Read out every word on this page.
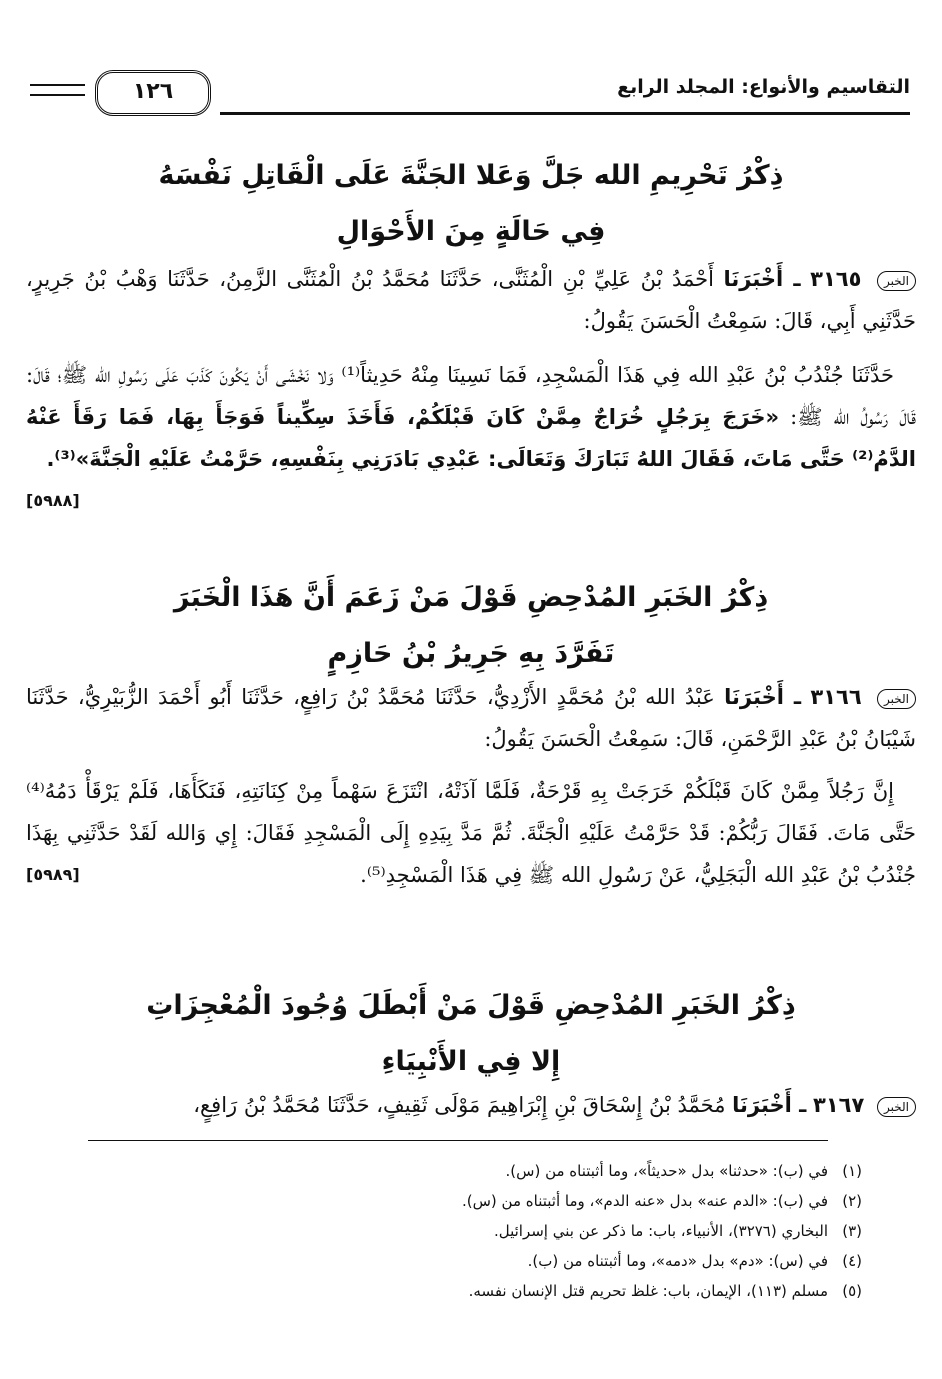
التقاسيم والأنواع: المجلد الرابع
١٢٦
ذِكْرُ تَحْرِيمِ الله جَلَّ وَعَلا الجَنَّةَ عَلَى الْقَاتِلِ نَفْسَهُ
فِي حَالَةٍ مِنَ الأَحْوَالِ
الخبر ٣١٦٥ ـ أَخْبَرَنَا أَحْمَدُ بْنُ عَلِيِّ بْنِ الْمُثَنَّى، حَدَّثَنَا مُحَمَّدُ بْنُ الْمُثَنَّى الزَّمِنُ، حَدَّثَنَا وَهْبُ بْنُ جَرِيرٍ، حَدَّثَنِي أَبِي، قَالَ: سَمِعْتُ الْحَسَنَ يَقُولُ:
حَدَّثَنَا جُنْدُبُ بْنُ عَبْدِ الله فِي هَذَا الْمَسْجِدِ، فَمَا نَسِينَا مِنْهُ حَدِيثاً⁽¹⁾ وَلا نَخْشَى أَنْ يَكُونَ كَذَبَ عَلَى رَسُولِ الله ﷺ؛ قَالَ: قَالَ رَسُولُ الله ﷺ: «خَرَجَ بِرَجُلٍ خُرَاجٌ مِمَّنْ كَانَ قَبْلَكُمْ، فَأَخَذَ سِكِّيناً فَوَجَأَ بِهَا، فَمَا رَقَأَ عَنْهُ الدَّمُ⁽²⁾ حَتَّى مَاتَ، فَقَالَ اللهُ تَبَارَكَ وَتَعَالَى: عَبْدِي بَادَرَنِي بِنَفْسِهِ، حَرَّمْتُ عَلَيْهِ الْجَنَّةَ»⁽³⁾.
[٥٩٨٨]
ذِكْرُ الخَبَرِ المُدْحِضِ قَوْلَ مَنْ زَعَمَ أَنَّ هَذَا الْخَبَرَ
تَفَرَّدَ بِهِ جَرِيرُ بْنُ حَازِمٍ
الخبر ٣١٦٦ ـ أَخْبَرَنَا عَبْدُ الله بْنُ مُحَمَّدٍ الأَزْدِيُّ، حَدَّثَنَا مُحَمَّدُ بْنُ رَافِعٍ، حَدَّثَنَا أَبُو أَحْمَدَ الزُّبَيْرِيُّ، حَدَّثَنَا شَيْبَانُ بْنُ عَبْدِ الرَّحْمَنِ، قَالَ: سَمِعْتُ الْحَسَنَ يَقُولُ:
إِنَّ رَجُلاً مِمَّنْ كَانَ قَبْلَكُمْ خَرَجَتْ بِهِ قَرْحَةٌ، فَلَمَّا آذَتْهُ، انْتَزَعَ سَهْماً مِنْ كِنَانَتِهِ، فَنَكَأَهَا، فَلَمْ يَرْقَأْ دَمُهُ⁽⁴⁾ حَتَّى مَاتَ. فَقَالَ رَبُّكُمْ: قَدْ حَرَّمْتُ عَلَيْهِ الْجَنَّةَ. ثُمَّ مَدَّ بِيَدِهِ إِلَى الْمَسْجِدِ فَقَالَ: إِي وَالله لَقَدْ حَدَّثَنِي بِهَذَا جُنْدُبُ بْنُ عَبْدِ الله الْبَجَلِيُّ، عَنْ رَسُولِ الله ﷺ فِي هَذَا الْمَسْجِدِ⁽⁵⁾.
[٥٩٨٩]
ذِكْرُ الخَبَرِ المُدْحِضِ قَوْلَ مَنْ أَبْطَلَ وُجُودَ الْمُعْجِزَاتِ
إِلا فِي الأَنْبِيَاءِ
الخبر ٣١٦٧ ـ أَخْبَرَنَا مُحَمَّدُ بْنُ إِسْحَاقَ بْنِ إِبْرَاهِيمَ مَوْلَى ثَقِيفٍ، حَدَّثَنَا مُحَمَّدُ بْنُ رَافِعٍ،
(١)في (ب): «حدثنا» بدل «حديثاً»، وما أثبتناه من (س).
(٢)في (ب): «الدم عنه» بدل «عنه الدم»، وما أثبتناه من (س).
(٣)البخاري (٣٢٧٦)، الأنبياء، باب: ما ذكر عن بني إسرائيل.
(٤)في (س): «دم» بدل «دمه»، وما أثبتناه من (ب).
(٥)مسلم (١١٣)، الإيمان، باب: غلظ تحريم قتل الإنسان نفسه.
